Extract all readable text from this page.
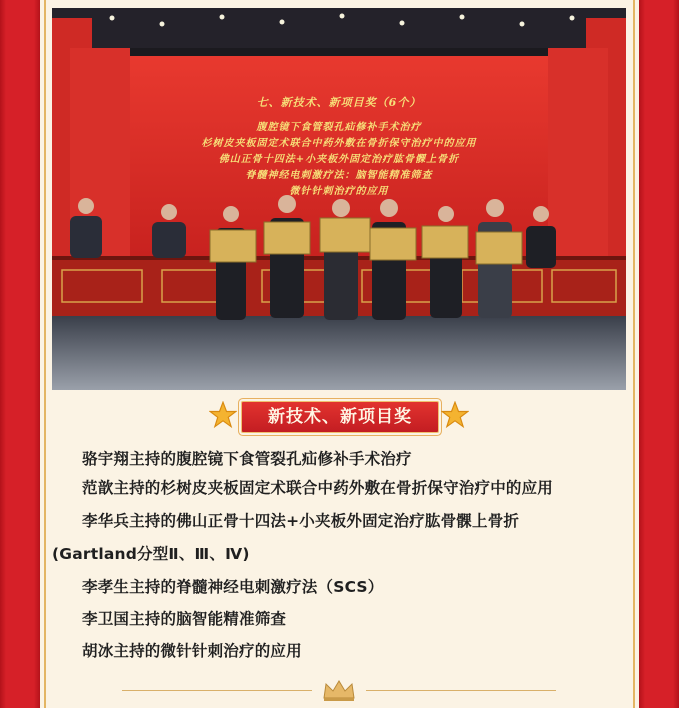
七、新技术、新项目奖（6个）
腹腔镜下食管裂孔疝修补手术治疗
杉树皮夹板固定术联合中药外敷在骨折保守治疗中的应用
佛山正骨十四法+小夹板外固定治疗肱骨髁上骨折
脊髓神经电刺激疗法：脑智能精准筛查
微针针刺治疗的应用
新技术、新项目奖
骆宇翔主持的腹腔镜下食管裂孔疝修补手术治疗
范歆主持的杉树皮夹板固定术联合中药外敷在骨折保守治疗中的应用
李华兵主持的佛山正骨十四法+小夹板外固定治疗肱骨髁上骨折
(Gartland分型Ⅱ、Ⅲ、Ⅳ)
李孝生主持的脊髓神经电刺激疗法（SCS）
李卫国主持的脑智能精准筛查
胡冰主持的微针针刺治疗的应用
